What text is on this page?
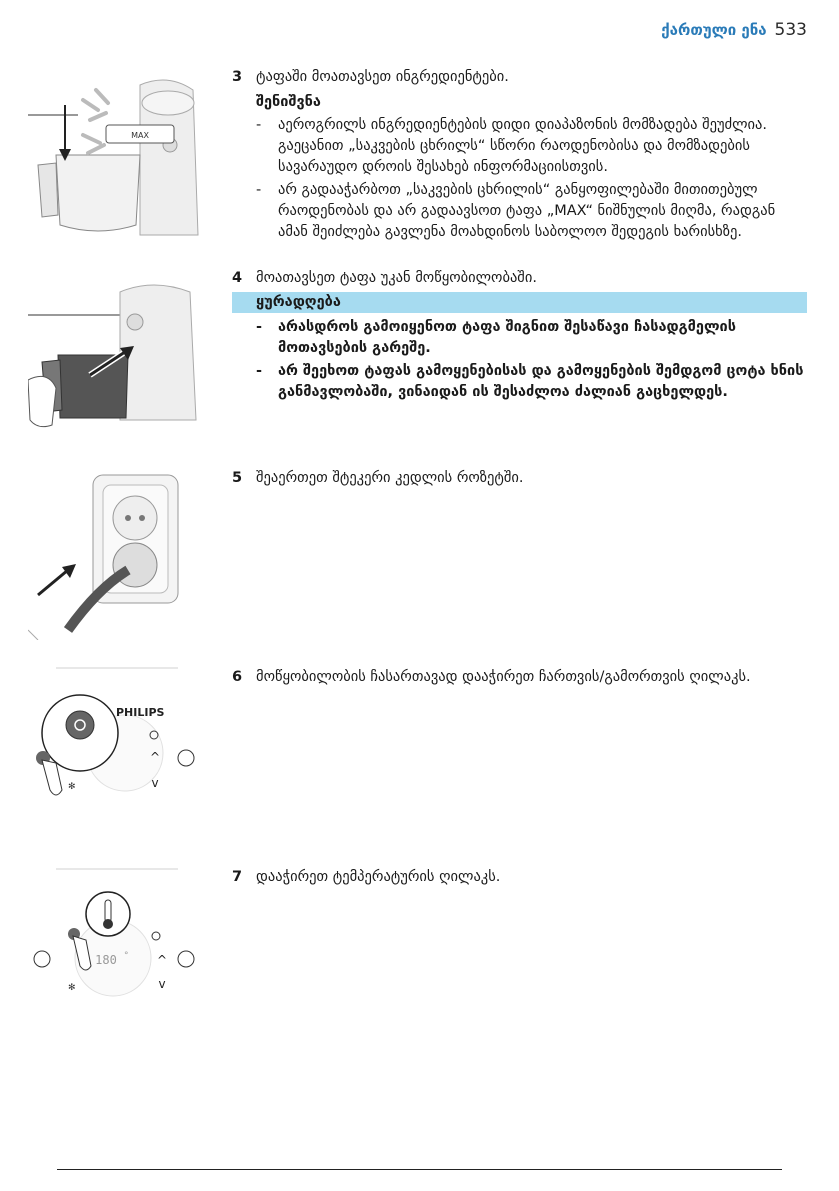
ქართული ენა 533
MAX
3 ტაფაში მოათავსეთ ინგრედიენტები.
შენიშვნა
- აეროგრილს ინგრედიენტების დიდი დიაპაზონის მომზადება შეუძლია. გაეცანით „საკვების ცხრილს“ სწორი რაოდენობისა და მომზადების სავარაუდო დროის შესახებ ინფორმაციისთვის.
- არ გადააჭარბოთ „საკვების ცხრილის“ განყოფილებაში მითითებულ რაოდენობას და არ გადაავსოთ ტაფა „MAX“ ნიშნულის მიღმა, რადგან ამან შეიძლება გავლენა მოახდინოს საბოლოო შედეგის ხარისხზე.
4 მოათავსეთ ტაფა უკან მოწყობილობაში.
ყურადღება
- არასდროს გამოიყენოთ ტაფა შიგნით შესაწავი ჩასადგმელის მოთავსების გარეშე.
- არ შეეხოთ ტაფას გამოყენებისას და გამოყენების შემდგომ ცოტა ხნის განმავლობაში, ვინაიდან ის შესაძლოა ძალიან გაცხელდეს.
5 შეაერთეთ შტეკერი კედლის როზეტში.
PHILIPS
^
v
✻
6 მოწყობილობის ჩასართავად დააჭირეთ ჩართვის/გამორთვის ღილაკს.
180 ° ^
v
✻
7 დააჭირეთ ტემპერატურის ღილაკს.
